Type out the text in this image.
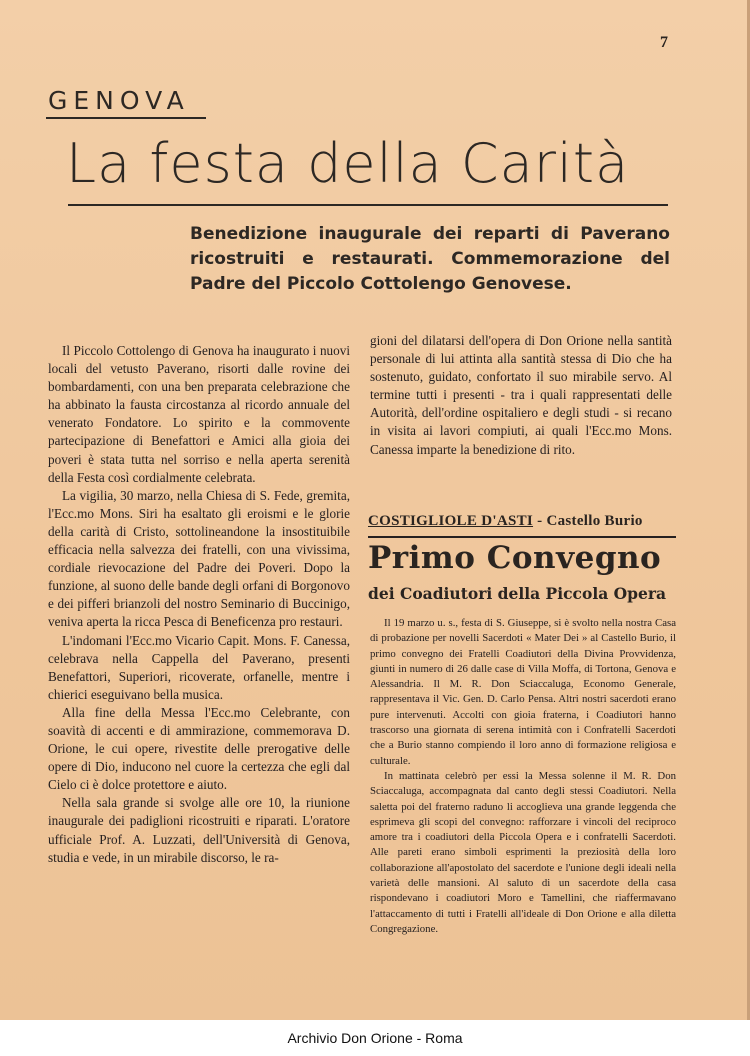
7
GENOVA
La festa della Carità
Benedizione inaugurale dei reparti di Paverano ricostruiti e restaurati. Commemorazione del Padre del Piccolo Cottolengo Genovese.

Il Piccolo Cottolengo di Genova ha inaugurato i nuovi locali del vetusto Paverano, risorti dalle rovine dei bombardamenti, con una ben preparata celebrazione che ha abbinato la fausta circostanza al ricordo annuale del venerato Fondatore. Lo spirito e la commovente partecipazione di Benefattori e Amici alla gioia dei poveri è stata tutta nel sorriso e nella aperta serenità della Festa così cordialmente celebrata.

La vigilia, 30 marzo, nella Chiesa di S. Fede, gremita, l'Ecc.mo Mons. Siri ha esaltato gli eroismi e le glorie della carità di Cristo, sottolineandone la insostituibile efficacia nella salvezza dei fratelli, con una vivissima, cordiale rievocazione del Padre dei Poveri. Dopo la funzione, al suono delle bande degli orfani di Borgonovo e dei pifferi brianzoli del nostro Seminario di Buccinigo, veniva aperta la ricca Pesca di Beneficenza pro restauri.

L'indomani l'Ecc.mo Vicario Capit. Mons. F. Canessa, celebrava nella Cappella del Paverano, presenti Benefattori, Superiori, ricoverate, orfanelle, mentre i chierici eseguivano bella musica.

Alla fine della Messa l'Ecc.mo Celebrante, con soavità di accenti e di ammirazione, commemorava D. Orione, le cui opere, rivestite delle prerogative delle opere di Dio, inducono nel cuore la certezza che egli dal Cielo ci è dolce protettore e aiuto.

Nella sala grande si svolge alle ore 10, la riunione inaugurale dei padiglioni ricostruiti e riparati. L'oratore ufficiale Prof. A. Luzzati, dell'Università di Genova, studia e vede, in un mirabile discorso, le ra-

gioni del dilatarsi dell'opera di Don Orione nella santità personale di lui attinta alla santità stessa di Dio che ha sostenuto, guidato, confortato il suo mirabile servo. Al termine tutti i presenti - tra i quali rappresentati delle Autorità, dell'ordine ospitaliero e degli studi - si recano in visita ai lavori compiuti, ai quali l'Ecc.mo Mons. Canessa imparte la benedizione di rito.

COSTIGLIOLE D'ASTI - Castello Burio
Primo Convegno
dei Coadiutori della Piccola Opera

Il 19 marzo u. s., festa di S. Giuseppe, si è svolto nella nostra Casa di probazione per novelli Sacerdoti « Mater Dei » al Castello Burio, il primo convegno dei Fratelli Coadiutori della Divina Provvidenza, giunti in numero di 26 dalle case di Villa Moffa, di Tortona, Genova e Alessandria. Il M. R. Don Sciaccaluga, Economo Generale, rappresentava il Vic. Gen. D. Carlo Pensa. Altri nostri sacerdoti erano pure intervenuti. Accolti con gioia fraterna, i Coadiutori hanno trascorso una giornata di serena intimità con i Confratelli Sacerdoti che a Burio stanno compiendo il loro anno di formazione religiosa e culturale.

In mattinata celebrò per essi la Messa solenne il M. R. Don Sciaccaluga, accompagnata dal canto degli stessi Coadiutori. Nella saletta poi del fraterno raduno li accoglieva una grande leggenda che esprimeva gli scopi del convegno: rafforzare i vincoli del reciproco amore tra i coadiutori della Piccola Opera e i confratelli Sacerdoti. Alle pareti erano simboli esprimenti la preziosità della loro collaborazione all'apostolato del sacerdote e l'unione degli ideali nella varietà delle mansioni. Al saluto di un sacerdote della casa rispondevano i coadiutori Moro e Tamellini, che riaffermavano l'attaccamento di tutti i Fratelli all'ideale di Don Orione e alla diletta Congregazione.

Archivio Don Orione - Roma
